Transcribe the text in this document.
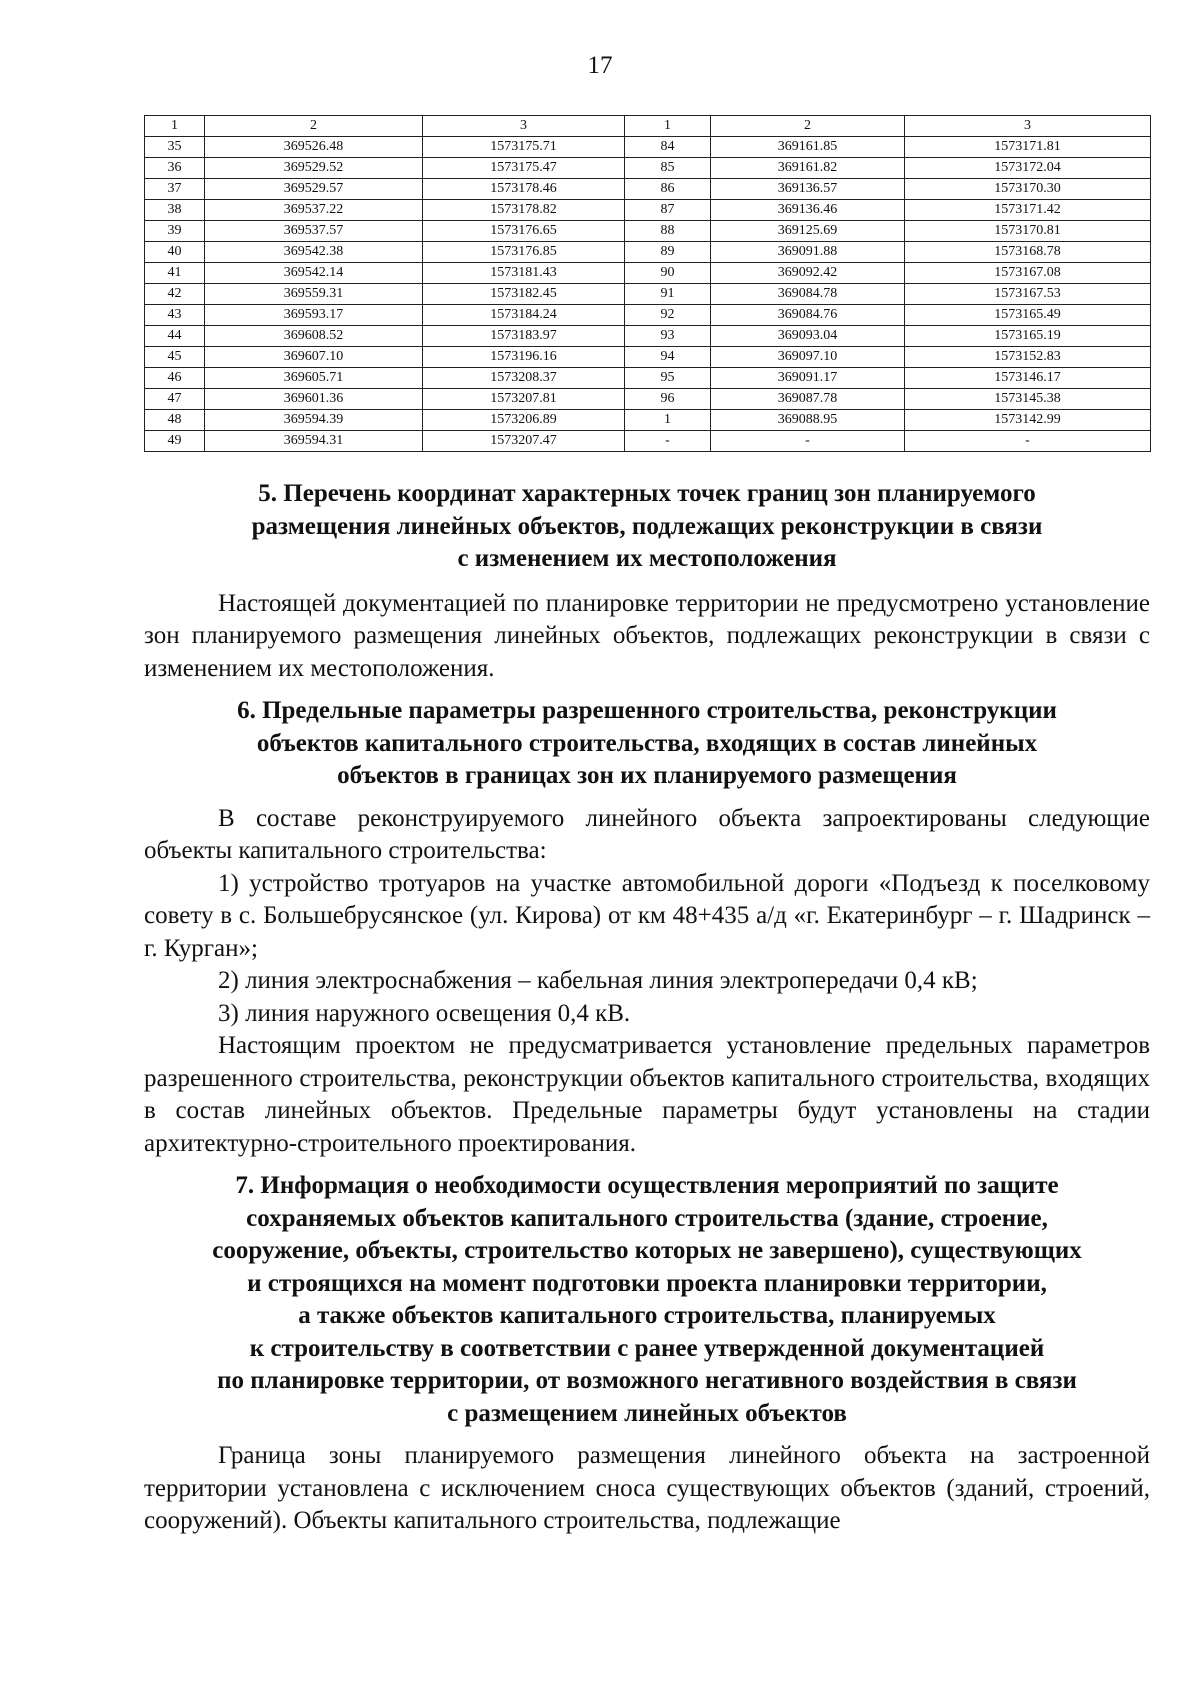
17
1	2	3	1	2	3
35	369526.48	1573175.71	84	369161.85	1573171.81
36	369529.52	1573175.47	85	369161.82	1573172.04
37	369529.57	1573178.46	86	369136.57	1573170.30
38	369537.22	1573178.82	87	369136.46	1573171.42
39	369537.57	1573176.65	88	369125.69	1573170.81
40	369542.38	1573176.85	89	369091.88	1573168.78
41	369542.14	1573181.43	90	369092.42	1573167.08
42	369559.31	1573182.45	91	369084.78	1573167.53
43	369593.17	1573184.24	92	369084.76	1573165.49
44	369608.52	1573183.97	93	369093.04	1573165.19
45	369607.10	1573196.16	94	369097.10	1573152.83
46	369605.71	1573208.37	95	369091.17	1573146.17
47	369601.36	1573207.81	96	369087.78	1573145.38
48	369594.39	1573206.89	1	369088.95	1573142.99
49	369594.31	1573207.47	-	-	-
5. Перечень координат характерных точек границ зон планируемого
размещения линейных объектов, подлежащих реконструкции в связи
с изменением их местоположения

Настоящей документацией по планировке территории не предусмотрено установление зон планируемого размещения линейных объектов, подлежащих реконструкции в связи с изменением их местоположения.

6. Предельные параметры разрешенного строительства, реконструкции
объектов капитального строительства, входящих в состав линейных
объектов в границах зон их планируемого размещения

В составе реконструируемого линейного объекта запроектированы следующие объекты капитального строительства:

1) устройство тротуаров на участке автомобильной дороги «Подъезд к поселковому совету в с. Большебрусянское (ул. Кирова) от км 48+435 а/д «г. Екатеринбург – г. Шадринск – г. Курган»;

2) линия электроснабжения – кабельная линия электропередачи 0,4 кВ;

3) линия наружного освещения 0,4 кВ.

Настоящим проектом не предусматривается установление предельных параметров разрешенного строительства, реконструкции объектов капитального строительства, входящих в состав линейных объектов. Предельные параметры будут установлены на стадии архитектурно-строительного проектирования.

7. Информация о необходимости осуществления мероприятий по защите
сохраняемых объектов капитального строительства (здание, строение,
сооружение, объекты, строительство которых не завершено), существующих
и строящихся на момент подготовки проекта планировки территории,
а также объектов капитального строительства, планируемых
к строительству в соответствии с ранее утвержденной документацией
по планировке территории, от возможного негативного воздействия в связи
с размещением линейных объектов

Граница зоны планируемого размещения линейного объекта на застроенной территории установлена с исключением сноса существующих объектов (зданий, строений, сооружений). Объекты капитального строительства, подлежащие
